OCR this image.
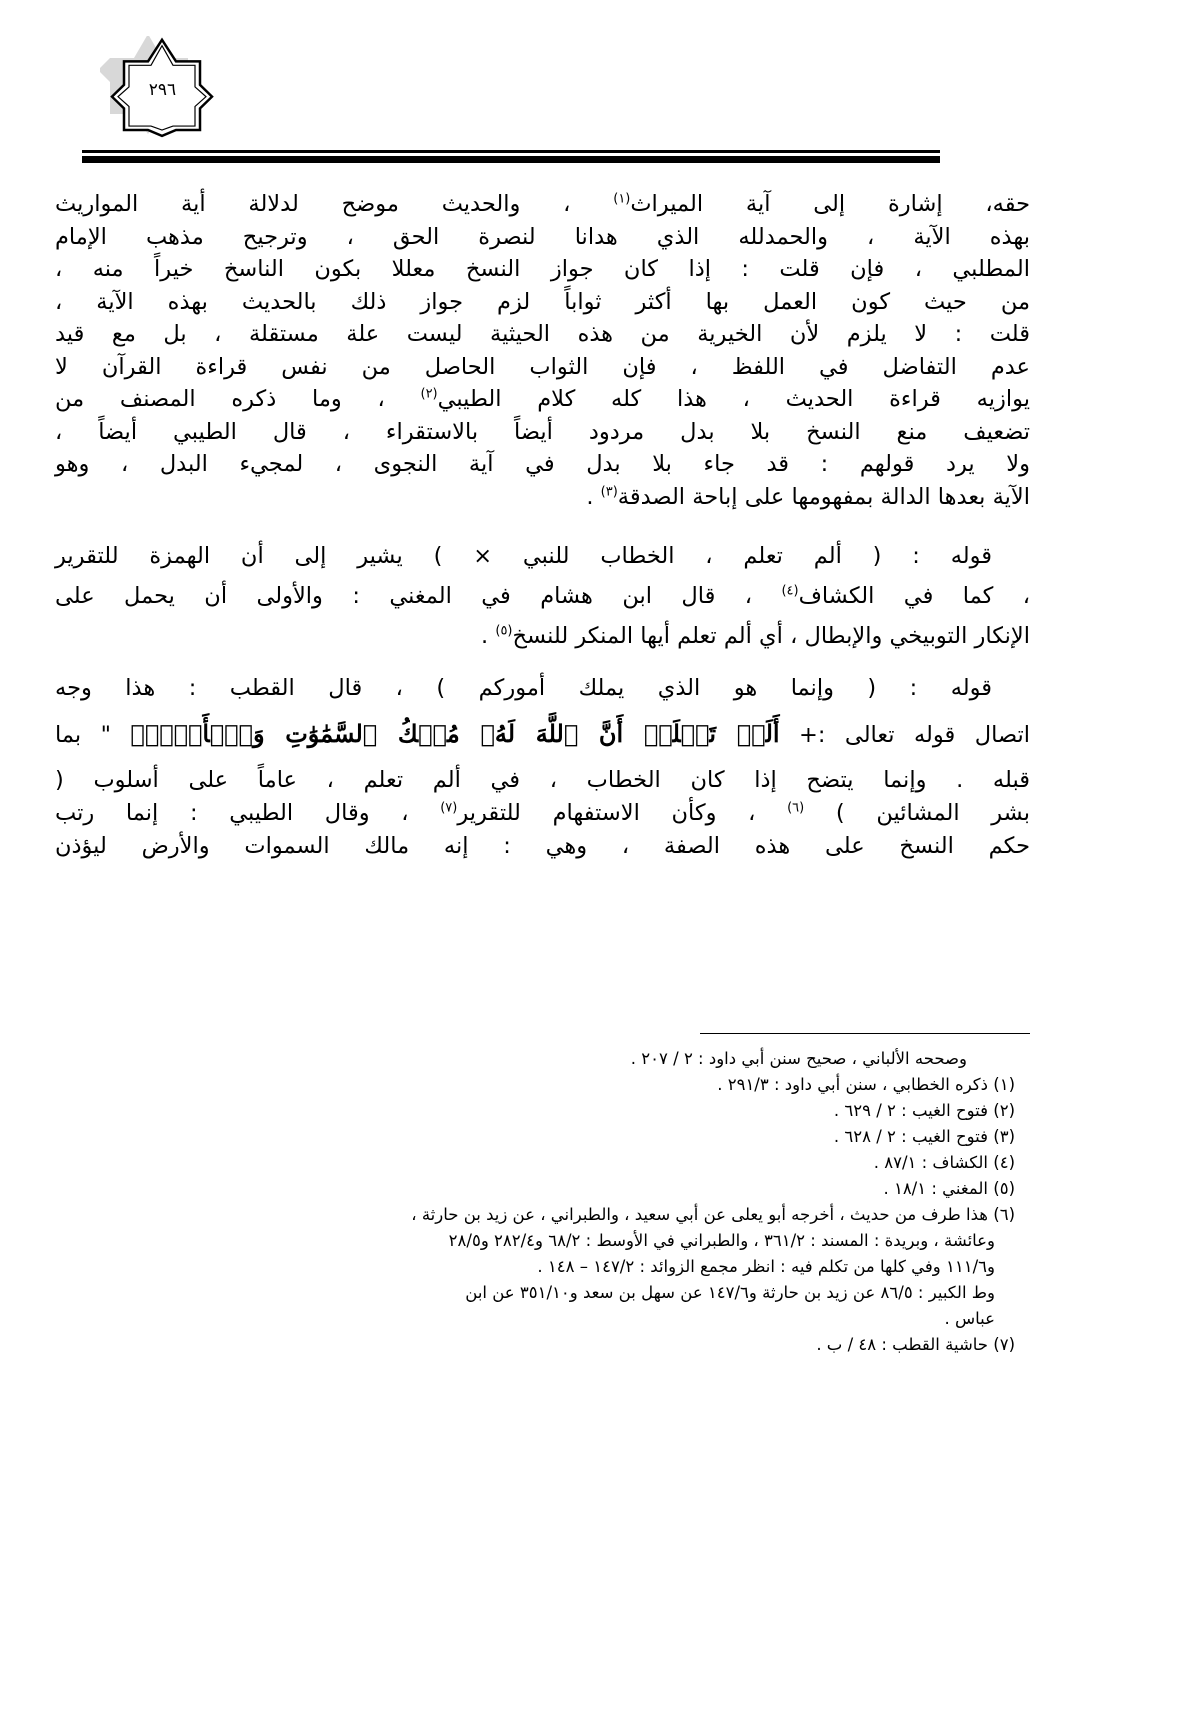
٢٩٦
حقه، إشارة إلى آية الميراث$^{(١)}$ ، والحديث موضح لدلالة أية المواريث
بهذه الآية ، والحمدلله الذي هدانا لنصرة الحق ، وترجيح مذهب الإمام
المطلبي ، فإن قلت : إذا كان جواز النسخ معللا بكون الناسخ خيراً منه ،
من حيث كون العمل بها أكثر ثواباً لزم جواز ذلك بالحديث بهذه الآية ،
قلت : لا يلزم لأن الخيرية من هذه الحيثية ليست علة مستقلة ، بل مع قيد
عدم التفاضل في اللفظ ، فإن الثواب الحاصل من نفس قراءة القرآن لا
يوازيه قراءة الحديث ، هذا كله كلام الطيبي$^{(٢)}$ ، وما ذكره المصنف من
تضعيف منع النسخ بلا بدل مردود أيضاً بالاستقراء ، قال الطيبي أيضاً ،
ولا يرد قولهم : قد جاء بلا بدل في آية النجوى ، لمجيء البدل ، وهو
الآية بعدها الدالة بمفهومها على إباحة الصدقة$^{(٣)}$ .
قوله : ( ألم تعلم ، الخطاب للنبي × ) يشير إلى أن الهمزة للتقرير
، كما في الكشاف$^{(٤)}$ ، قال ابن هشام في المغني : والأولى أن يحمل على
الإنكار التوبيخي والإبطال ، أي ألم تعلم أيها المنكر للنسخ$^{(٥)}$ .
قوله : ( وإنما هو الذي يملك أموركم ) ، قال القطب : هذا وجه
اتصال قوله تعالى :+ أَلَمۡ تَعۡلَمۡ أَنَّ ٱللَّهَ لَهُۥ مُلۡكُ ٱلسَّمَٰوَٰتِ وَٱلۡأَرۡضِۗ " بما
قبله . وإنما يتضح إذا كان الخطاب ، في ألم تعلم ، عاماً على أسلوب (
بشر المشائين ) $^{(٦)}$ ، وكأن الاستفهام للتقرير$^{(٧)}$ ، وقال الطيبي : إنما رتب
حكم النسخ على هذه الصفة ، وهي : إنه مالك السموات والأرض ليؤذن
وصححه الألباني ، صحيح سنن أبي داود : ٢ / ٢٠٧ .
(١) ذكره الخطابي ، سنن أبي داود : ٢٩١/٣ .
(٢) فتوح الغيب : ٢ / ٦٢٩ .
(٣) فتوح الغيب : ٢ / ٦٢٨ .
(٤) الكشاف : ٨٧/١ .
(٥) المغني : ١٨/١ .
(٦) هذا طرف من حديث ، أخرجه أبو يعلى عن أبي سعيد ، والطبراني ، عن زيد بن حارثة ،
وعائشة ، وبريدة : المسند : ٣٦١/٢ ، والطبراني في الأوسط : ٦٨/٢ و٢٨٢/٤ و٢٨/٥
و١١١/٦ وفي كلها من تكلم فيه : انظر مجمع الزوائد : ١٤٧/٢ – ١٤٨ .
وط الكبير : ٨٦/٥ عن زيد بن حارثة و١٤٧/٦ عن سهل بن سعد و٣٥١/١٠ عن ابن
عباس .
(٧) حاشية القطب : ٤٨ / ب .
